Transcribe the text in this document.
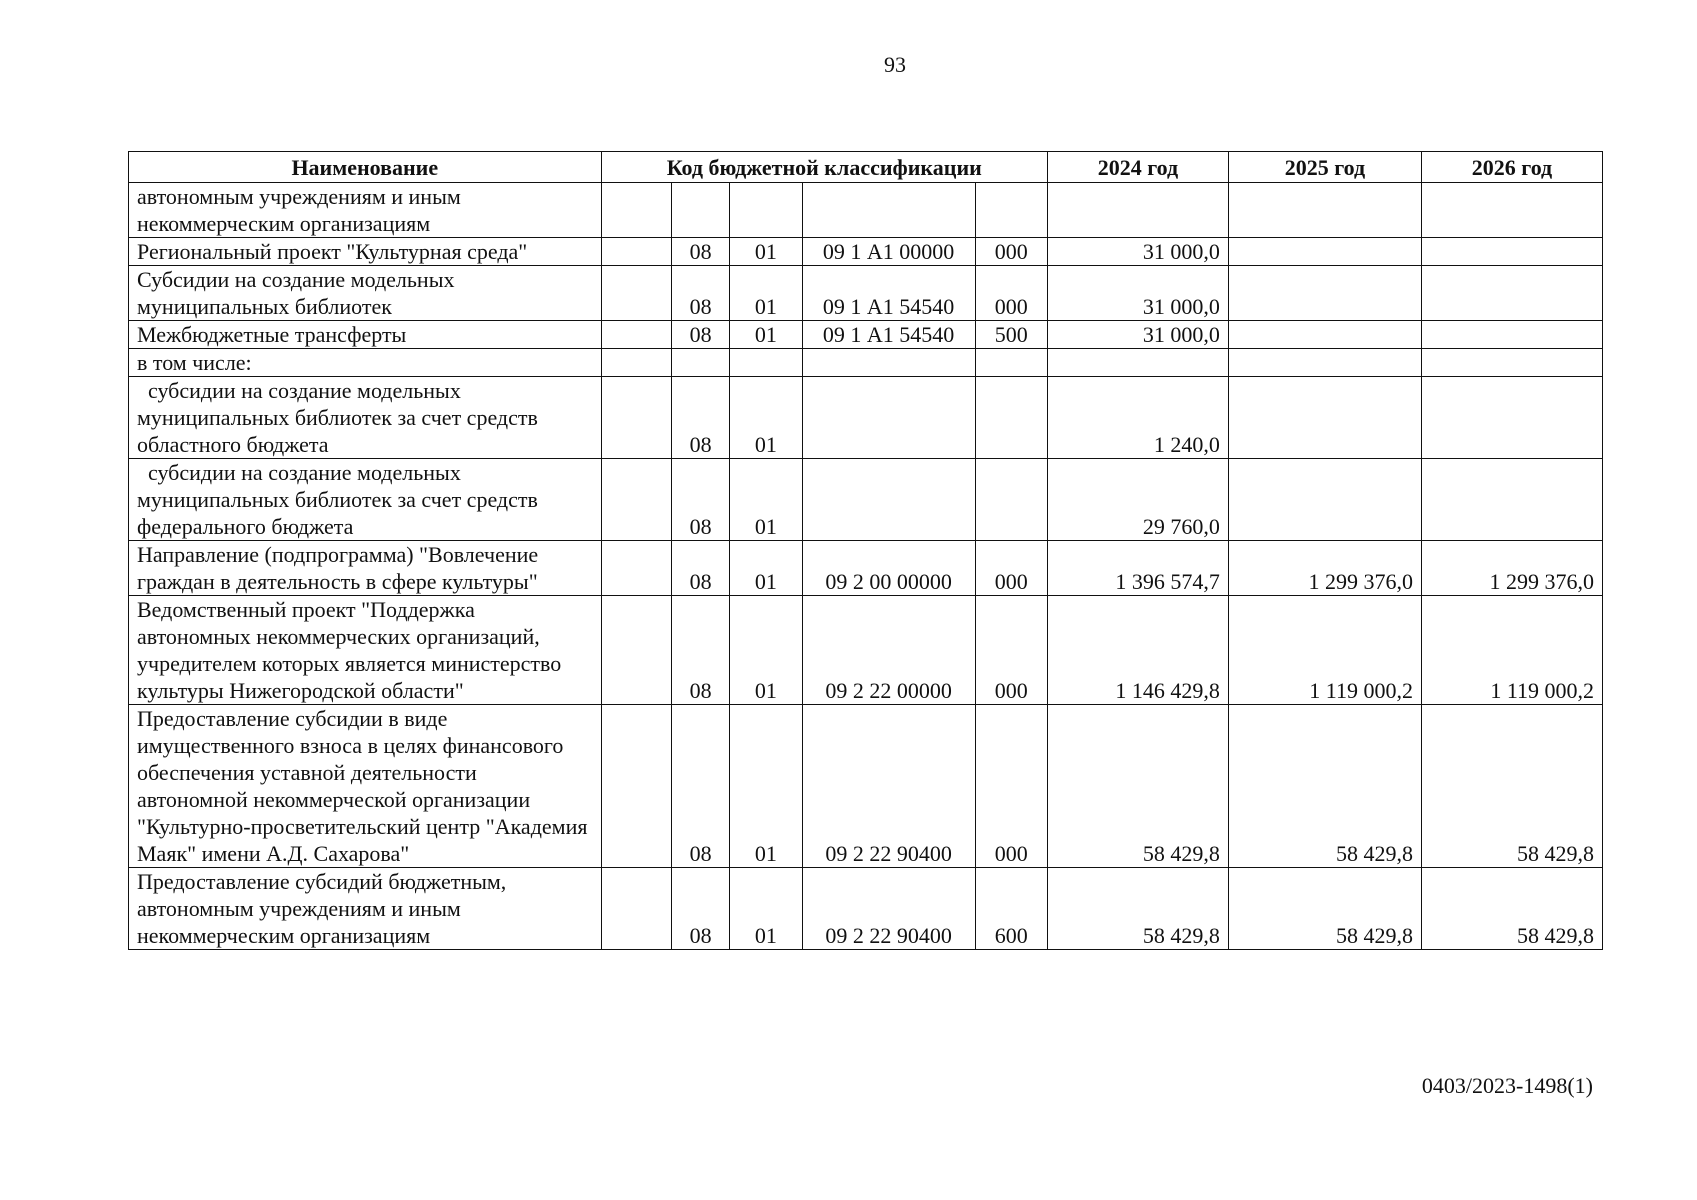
93
Наименование	Код бюджетной классификации					2024 год	2025 год	2026 год
автономным учреждениям и иным некоммерческим организациям								
Региональный проект "Культурная среда"		08	01	09 1 А1 00000	000	31 000,0		
Субсидии на создание модельных муниципальных библиотек		08	01	09 1 А1 54540	000	31 000,0		
Межбюджетные трансферты		08	01	09 1 А1 54540	500	31 000,0		
в том числе:								
субсидии на создание модельных муниципальных библиотек за счет средств областного бюджета		08	01			1 240,0		
субсидии на создание модельных муниципальных библиотек за счет средств федерального бюджета		08	01			29 760,0		
Направление (подпрограмма) "Вовлечение граждан в деятельность в сфере культуры"		08	01	09 2 00 00000	000	1 396 574,7	1 299 376,0	1 299 376,0
Ведомственный проект "Поддержка автономных некоммерческих организаций, учредителем которых является министерство  культуры Нижегородской области"		08	01	09 2 22 00000	000	1 146 429,8	1 119 000,2	1 119 000,2
Предоставление субсидии в виде имущественного взноса в целях финансового обеспечения уставной деятельности автономной некоммерческой организации "Культурно-просветительский центр "Академия Маяк" имени А.Д. Сахарова"		08	01	09 2 22 90400	000	58 429,8	58 429,8	58 429,8
Предоставление субсидий бюджетным, автономным учреждениям и иным некоммерческим организациям		08	01	09 2 22 90400	600	58 429,8	58 429,8	58 429,8
0403/2023-1498(1)
